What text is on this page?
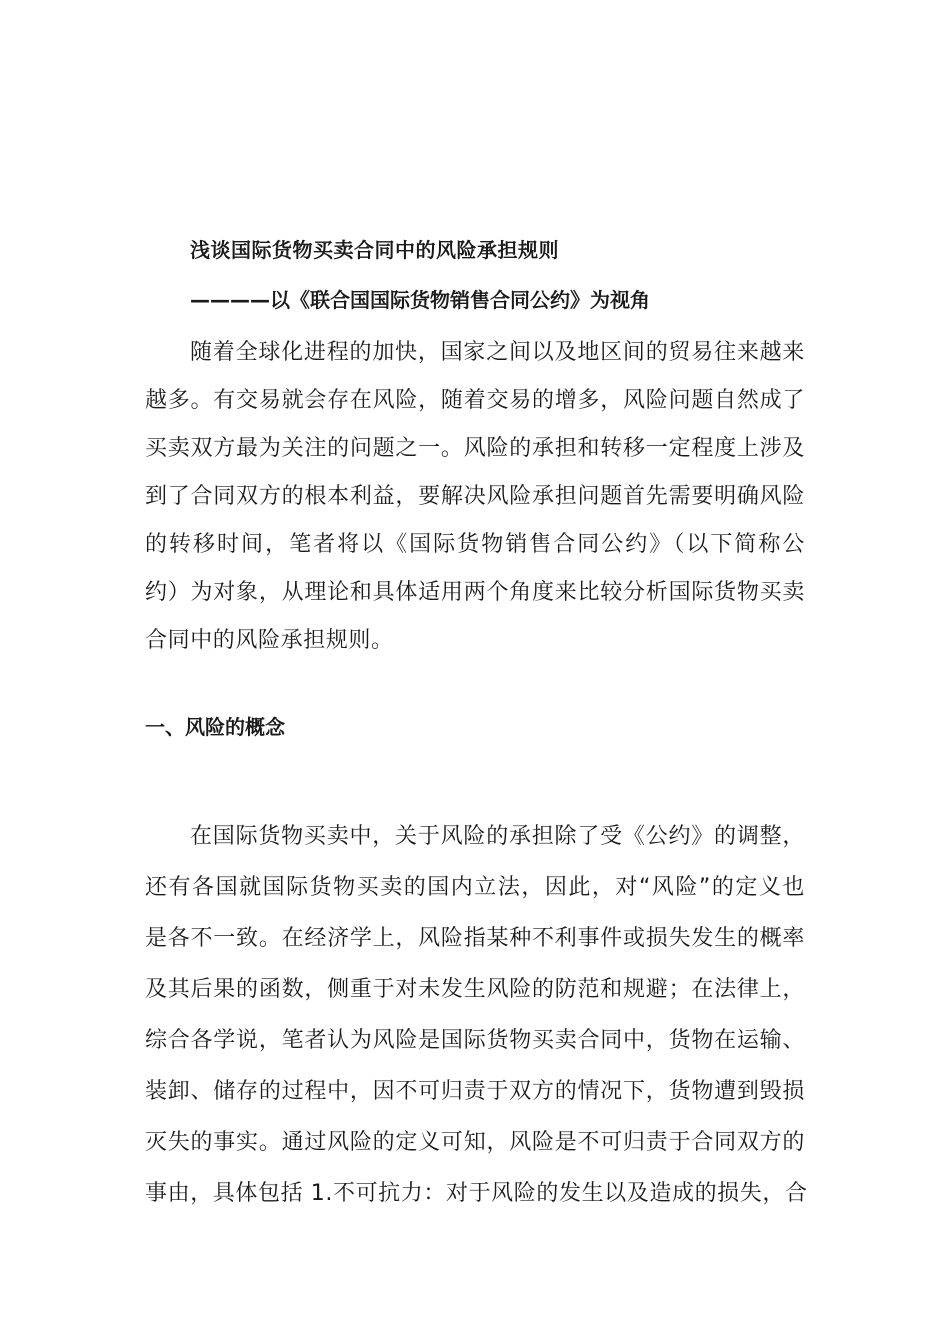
浅谈国际货物买卖合同中的风险承担规则
————以《联合国国际货物销售合同公约》为视角
随着全球化进程的加快，国家之间以及地区间的贸易往来越来
越多。有交易就会存在风险，随着交易的增多，风险问题自然成了
买卖双方最为关注的问题之一。风险的承担和转移一定程度上涉及
到了合同双方的根本利益，要解决风险承担问题首先需要明确风险
的转移时间，笔者将以《国际货物销售合同公约》（以下简称公
约）为对象，从理论和具体适用两个角度来比较分析国际货物买卖
合同中的风险承担规则。
一、风险的概念
在国际货物买卖中，关于风险的承担除了受《公约》的调整，
还有各国就国际货物买卖的国内立法，因此，对“风险”的定义也
是各不一致。在经济学上，风险指某种不利事件或损失发生的概率
及其后果的函数，侧重于对未发生风险的防范和规避；在法律上，
综合各学说，笔者认为风险是国际货物买卖合同中，货物在运输、
装卸、储存的过程中，因不可归责于双方的情况下，货物遭到毁损
灭失的事实。通过风险的定义可知，风险是不可归责于合同双方的
事由，具体包括 1.不可抗力：对于风险的发生以及造成的损失，合
